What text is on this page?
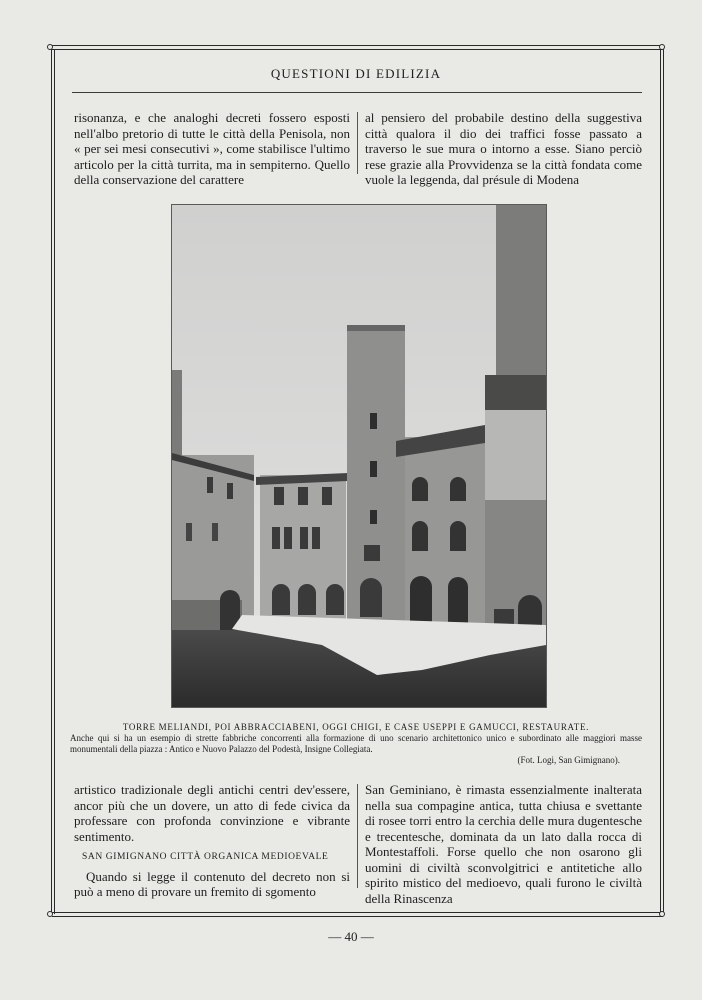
QUESTIONI DI EDILIZIA

risonanza, e che analoghi decreti fossero esposti nell'albo pretorio di tutte le città della Penisola, non « per sei mesi consecutivi », come stabilisce l'ultimo articolo per la città turrita, ma in sempiterno. Quello della conservazione del carattere

al pensiero del probabile destino della suggestiva città qualora il dio dei traffici fosse passato a traverso le sue mura o intorno a esse. Siano perciò rese grazie alla Provvidenza se la città fondata come vuole la leggenda, dal présule di Modena

TORRE MELIANDI, POI ABBRACCIABENI, OGGI CHIGI, E CASE USEPPI E GAMUCCI, RESTAURATE.

Anche qui si ha un esempio di strette fabbriche concorrenti alla formazione di uno scenario architettonico unico e subordinato alle maggiori masse monumentali della piazza : Antico e Nuovo Palazzo del Podestà, Insigne Collegiata.

(Fot. Logi, San Gimignano).

artistico tradizionale degli antichi centri dev'essere, ancor più che un dovere, un atto di fede civica da professare con profonda convinzione e vibrante sentimento.

SAN GIMIGNANO CITTÀ ORGANICA MEDIOEVALE

Quando si legge il contenuto del decreto non si può a meno di provare un fremito di sgomento

San Geminiano, è rimasta essenzialmente inalterata nella sua compagine antica, tutta chiusa e svettante di rosee torri entro la cerchia delle mura dugentesche e trecentesche, dominata da un lato dalla rocca di Montestaffoli. Forse quello che non osarono gli uomini di civiltà sconvolgitrici e antitetiche allo spirito mistico del medioevo, quali furono le civiltà della Rinascenza

— 40 —
